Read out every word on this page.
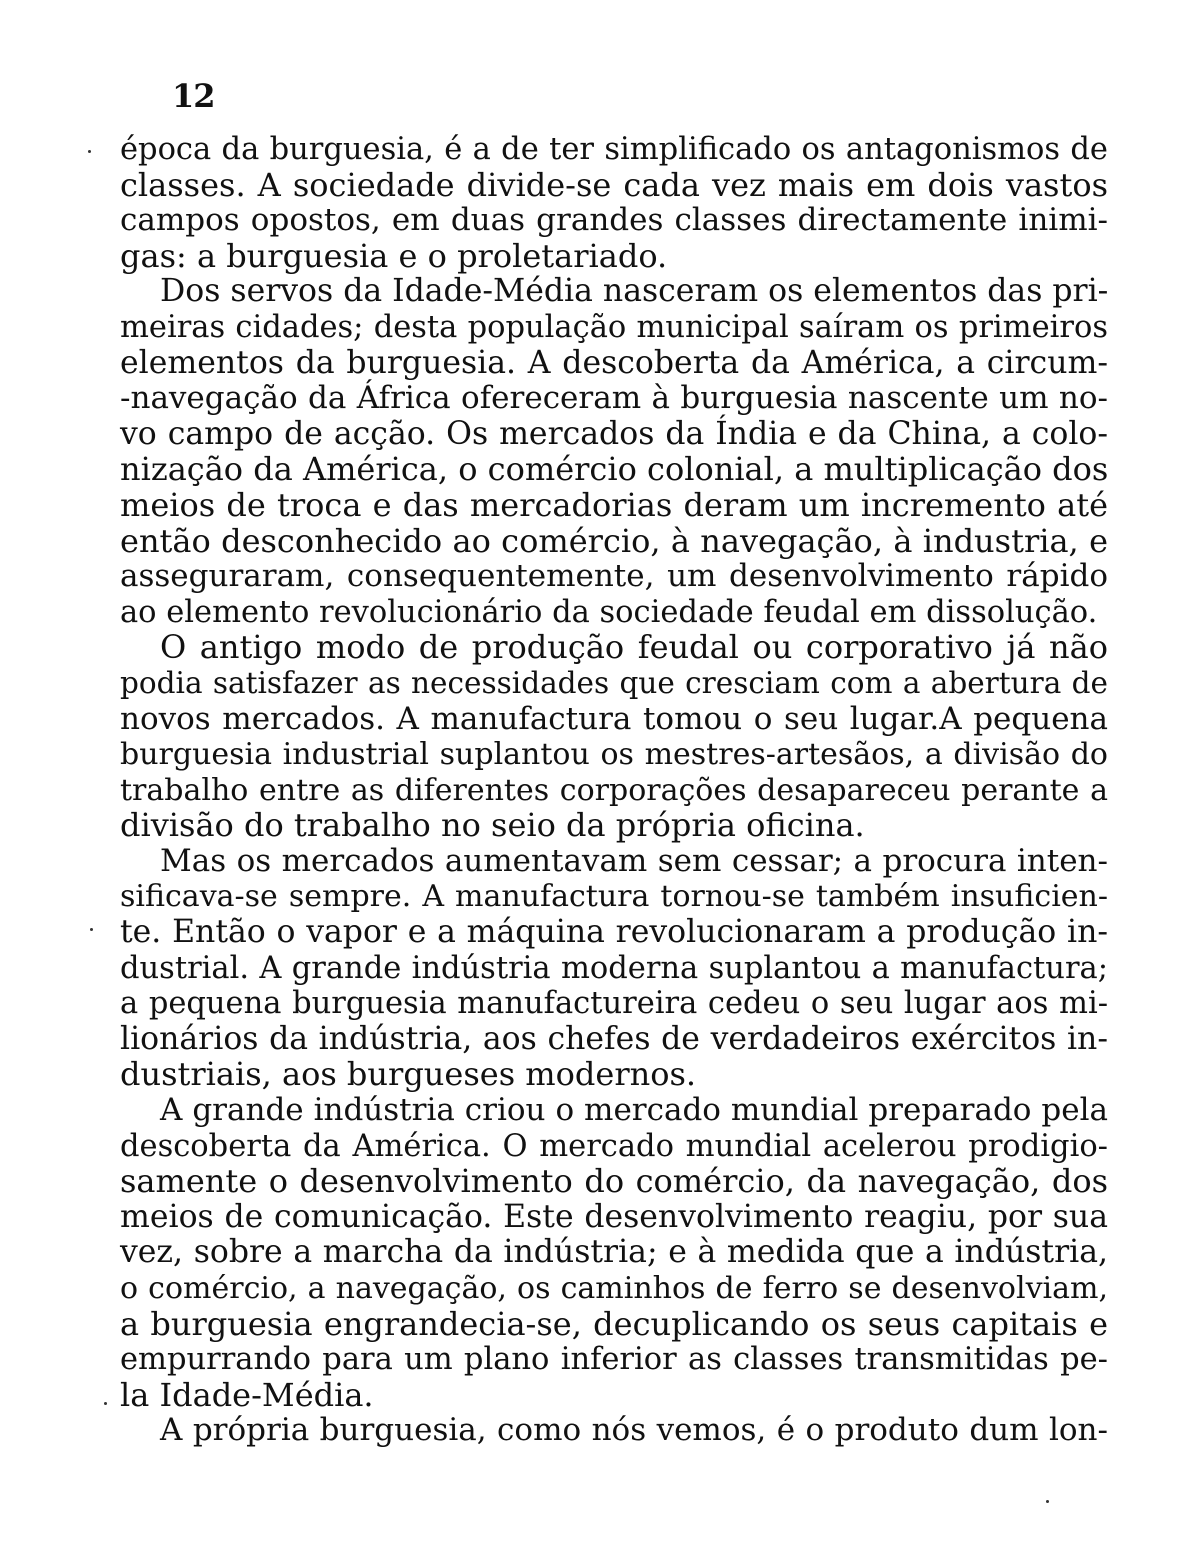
12
época da burguesia, é a de ter simplificado os antagonismos de
classes. A sociedade divide-se cada vez mais em dois vastos
campos opostos, em duas grandes classes directamente inimi-
gas: a burguesia e o proletariado.
Dos servos da Idade-Média nasceram os elementos das pri-
meiras cidades; desta população municipal saíram os primeiros
elementos da burguesia. A descoberta da América, a circum-
-navegação da África ofereceram à burguesia nascente um no-
vo campo de acção. Os mercados da Índia e da China, a colo-
nização da América, o comércio colonial, a multiplicação dos
meios de troca e das mercadorias deram um incremento até
então desconhecido ao comércio, à navegação, à industria, e
asseguraram, consequentemente, um desenvolvimento rápido
ao elemento revolucionário da sociedade feudal em dissolução.
O antigo modo de produção feudal ou corporativo já não
podia satisfazer as necessidades que cresciam com a abertura de
novos mercados. A manufactura tomou o seu lugar.A pequena
burguesia industrial suplantou os mestres-artesãos, a divisão do
trabalho entre as diferentes corporações desapareceu perante a
divisão do trabalho no seio da própria oficina.
Mas os mercados aumentavam sem cessar; a procura inten-
sificava-se sempre. A manufactura tornou-se também insuficien-
te. Então o vapor e a máquina revolucionaram a produção in-
dustrial. A grande indústria moderna suplantou a manufactura;
a pequena burguesia manufactureira cedeu o seu lugar aos mi-
lionários da indústria, aos chefes de verdadeiros exércitos in-
dustriais, aos burgueses modernos.
A grande indústria criou o mercado mundial preparado pela
descoberta da América. O mercado mundial acelerou prodigio-
samente o desenvolvimento do comércio, da navegação, dos
meios de comunicação. Este desenvolvimento reagiu, por sua
vez, sobre a marcha da indústria; e à medida que a indústria,
o comércio, a navegação, os caminhos de ferro se desenvolviam,
a burguesia engrandecia-se, decuplicando os seus capitais e
empurrando para um plano inferior as classes transmitidas pe-
la Idade-Média.
A própria burguesia, como nós vemos, é o produto dum lon-
